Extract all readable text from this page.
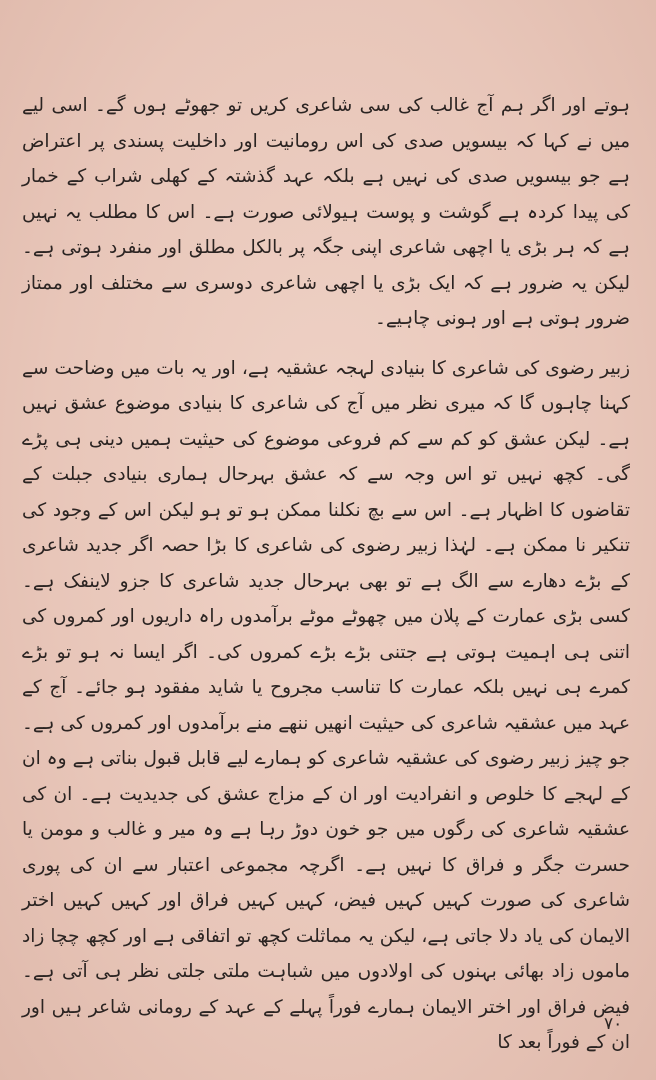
ہوتے اور اگر ہم آج غالب کی سی شاعری کریں تو جھوٹے ہوں گے۔ اسی لیے میں نے کہا کہ بیسویں صدی کی اس رومانیت اور داخلیت پسندی پر اعتراض ہے جو بیسویں صدی کی نہیں ہے بلکہ عہد گذشتہ کے کھلی شراب کے خمار کی پیدا کردہ ہے گوشت و پوست ہیولائی صورت ہے۔ اس کا مطلب یہ نہیں ہے کہ ہر بڑی یا اچھی شاعری اپنی جگہ پر بالکل مطلق اور منفرد ہوتی ہے۔ لیکن یہ ضرور ہے کہ ایک بڑی یا اچھی شاعری دوسری سے مختلف اور ممتاز ضرور ہوتی ہے اور ہونی چاہیے۔

زبیر رضوی کی شاعری کا بنیادی لہجہ عشقیہ ہے، اور یہ بات میں وضاحت سے کہنا چاہوں گا کہ میری نظر میں آج کی شاعری کا بنیادی موضوع عشق نہیں ہے۔ لیکن عشق کو کم سے کم فروعی موضوع کی حیثیت ہمیں دینی ہی پڑے گی۔ کچھ نہیں تو اس وجہ سے کہ عشق بہرحال ہماری بنیادی جبلت کے تقاضوں کا اظہار ہے۔ اس سے بچ نکلنا ممکن ہو تو ہو لیکن اس کے وجود کی تنکیر نا ممکن ہے۔ لہٰذا زبیر رضوی کی شاعری کا بڑا حصہ اگر جدید شاعری کے بڑے دھارے سے الگ ہے تو بھی بہرحال جدید شاعری کا جزو لاینفک ہے۔ کسی بڑی عمارت کے پلان میں چھوٹے موٹے برآمدوں راہ داریوں اور کمروں کی اتنی ہی اہمیت ہوتی ہے جتنی بڑے بڑے کمروں کی۔ اگر ایسا نہ ہو تو بڑے کمرے ہی نہیں بلکہ عمارت کا تناسب مجروح یا شاید مفقود ہو جائے۔ آج کے عہد میں عشقیہ شاعری کی حیثیت انھیں ننھے منے برآمدوں اور کمروں کی ہے۔ جو چیز زبیر رضوی کی عشقیہ شاعری کو ہمارے لیے قابل قبول بناتی ہے وہ ان کے لہجے کا خلوص و انفرادیت اور ان کے مزاج عشق کی جدیدیت ہے۔ ان کی عشقیہ شاعری کی رگوں میں جو خون دوڑ رہا ہے وہ میر و غالب و مومن یا حسرت جگر و فراق کا نہیں ہے۔ اگرچہ مجموعی اعتبار سے ان کی پوری شاعری کی صورت کہیں کہیں فیض، کہیں کہیں فراق اور کہیں کہیں اختر الایمان کی یاد دلا جاتی ہے، لیکن یہ مماثلت کچھ تو اتفاقی ہے اور کچھ چچا زاد ماموں زاد بھائی بہنوں کی اولادوں میں شباہت ملتی جلتی نظر ہی آتی ہے۔ فیض فراق اور اختر الایمان ہمارے فوراً پہلے کے عہد کے رومانی شاعر ہیں اور ان کے فوراً بعد کا

۷۰
